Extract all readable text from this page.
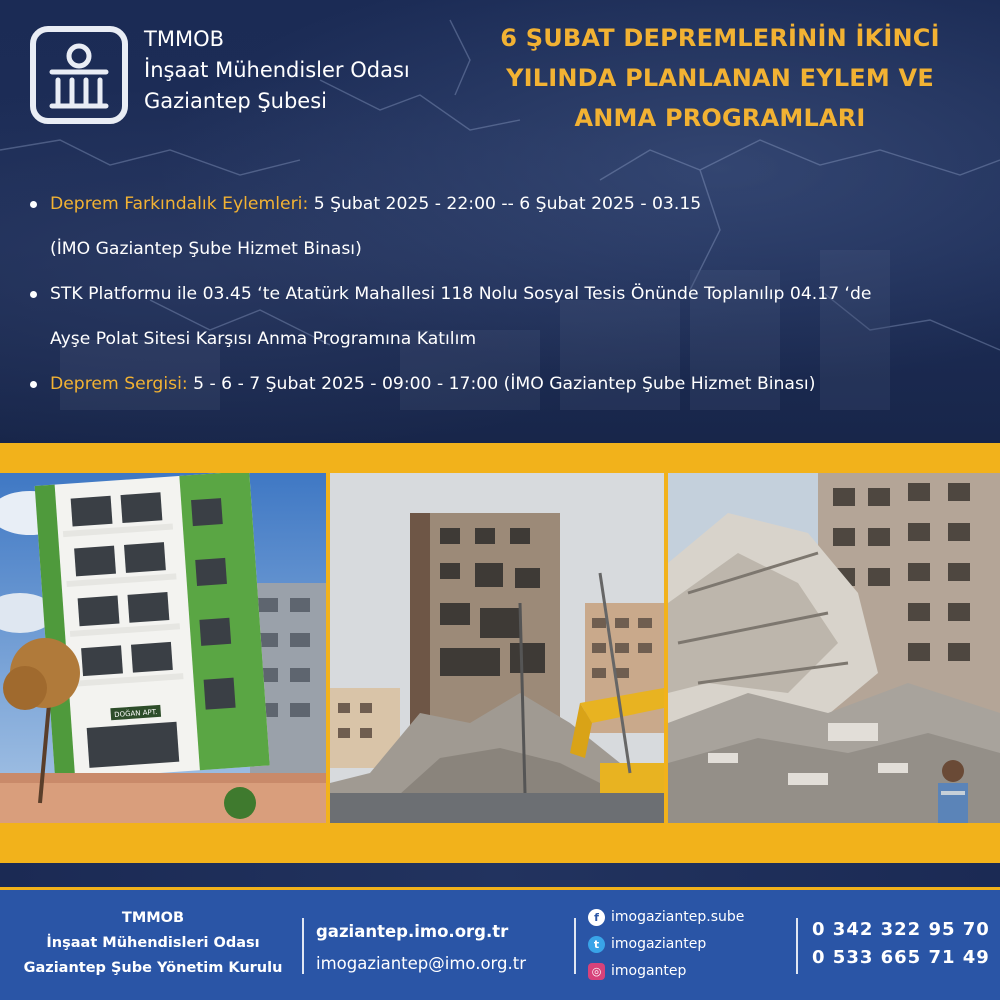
TMMOB
İnşaat Mühendisler Odası
Gaziantep Şubesi
6 ŞUBAT DEPREMLERİNİN İKİNCİ
YILINDA PLANLANAN EYLEM VE
ANMA PROGRAMLARI
Deprem Farkındalık Eylemleri: 5 Şubat 2025 - 22:00 -- 6 Şubat 2025 - 03.15
(İMO Gaziantep Şube Hizmet Binası)
STK Platformu ile 03.45 ‘te Atatürk Mahallesi 118 Nolu Sosyal Tesis Önünde Toplanılıp 04.17 ‘de
Ayşe Polat Sitesi Karşısı Anma Programına Katılım
Deprem Sergisi: 5 - 6 - 7 Şubat 2025 - 09:00 - 17:00 (İMO Gaziantep Şube Hizmet Binası)
DOĞAN APT.
TMMOB
İnşaat Mühendisleri Odası
Gaziantep Şube Yönetim Kurulu
gaziantep.imo.org.tr
imogaziantep@imo.org.tr
f imogaziantep.sube
t imogaziantep
◎ imogantep
0 342 322 95 70
0 533 665 71 49
